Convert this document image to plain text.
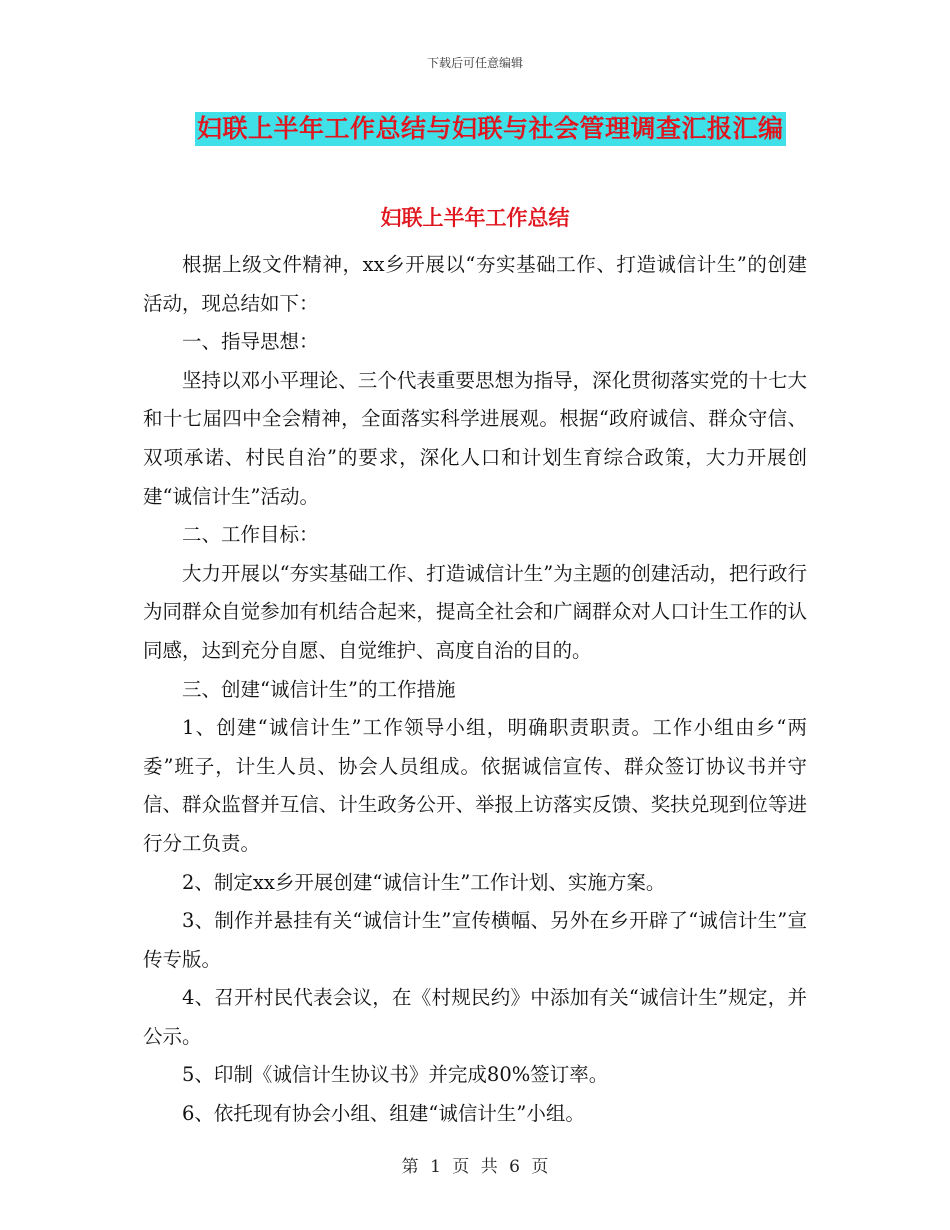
下载后可任意编辑
妇联上半年工作总结与妇联与社会管理调查汇报汇编
妇联上半年工作总结

根据上级文件精神，xx乡开展以“夯实基础工作、打造诚信计生”的创建活动，现总结如下：

一、指导思想：

坚持以邓小平理论、三个代表重要思想为指导，深化贯彻落实党的十七大和十七届四中全会精神，全面落实科学进展观。根据“政府诚信、群众守信、双项承诺、村民自治”的要求，深化人口和计划生育综合政策，大力开展创建“诚信计生”活动。

二、工作目标：

大力开展以“夯实基础工作、打造诚信计生”为主题的创建活动，把行政行为同群众自觉参加有机结合起来，提高全社会和广阔群众对人口计生工作的认同感，达到充分自愿、自觉维护、高度自治的目的。

三、创建“诚信计生”的工作措施

1、创建“诚信计生”工作领导小组，明确职责职责。工作小组由乡“两委”班子，计生人员、协会人员组成。依据诚信宣传、群众签订协议书并守信、群众监督并互信、计生政务公开、举报上访落实反馈、奖扶兑现到位等进行分工负责。

2、制定xx乡开展创建“诚信计生”工作计划、实施方案。

3、制作并悬挂有关“诚信计生”宣传横幅、另外在乡开辟了“诚信计生”宣传专版。

4、召开村民代表会议，在《村规民约》中添加有关“诚信计生”规定，并公示。

5、印制《诚信计生协议书》并完成80%签订率。

6、依托现有协会小组、组建“诚信计生”小组。

第 1 页 共 6 页
